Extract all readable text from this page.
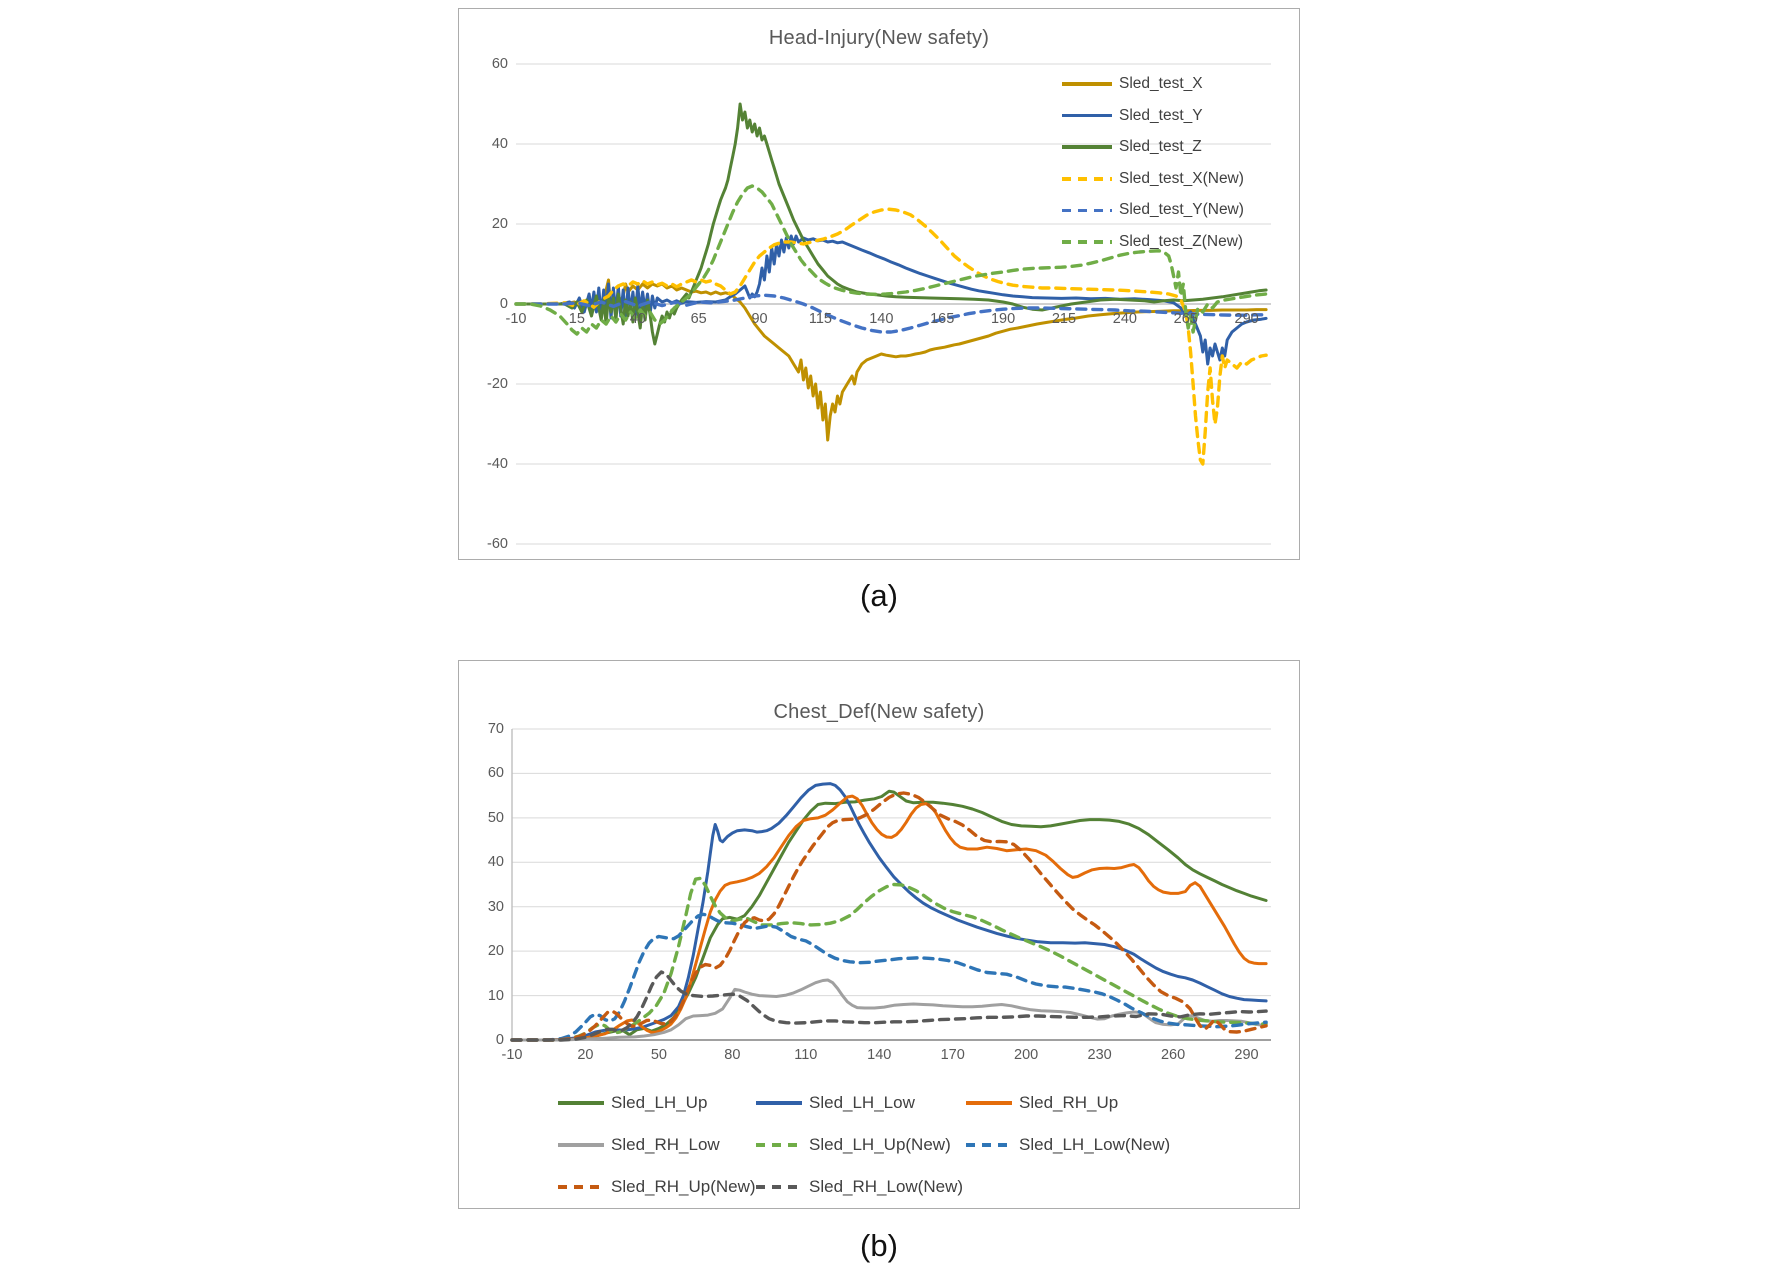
Head-Injury(New safety)
60
40
20
0
-20
-40
-60
-10	15	40	65	90	115	140	165	190	215	240	265	290
Sled_test_X
Sled_test_Y
Sled_test_Z
Sled_test_X(New)
Sled_test_Y(New)
Sled_test_Z(New)
(a)
Chest_Def(New safety)
70
60
50
40
30
20
10
0
-10	20	50	80	110	140	170	200	230	260	290
Sled_LH_Up	Sled_LH_Low	Sled_RH_Up
Sled_RH_Low	Sled_LH_Up(New)	Sled_LH_Low(New)
Sled_RH_Up(New)	Sled_RH_Low(New)
(b)
